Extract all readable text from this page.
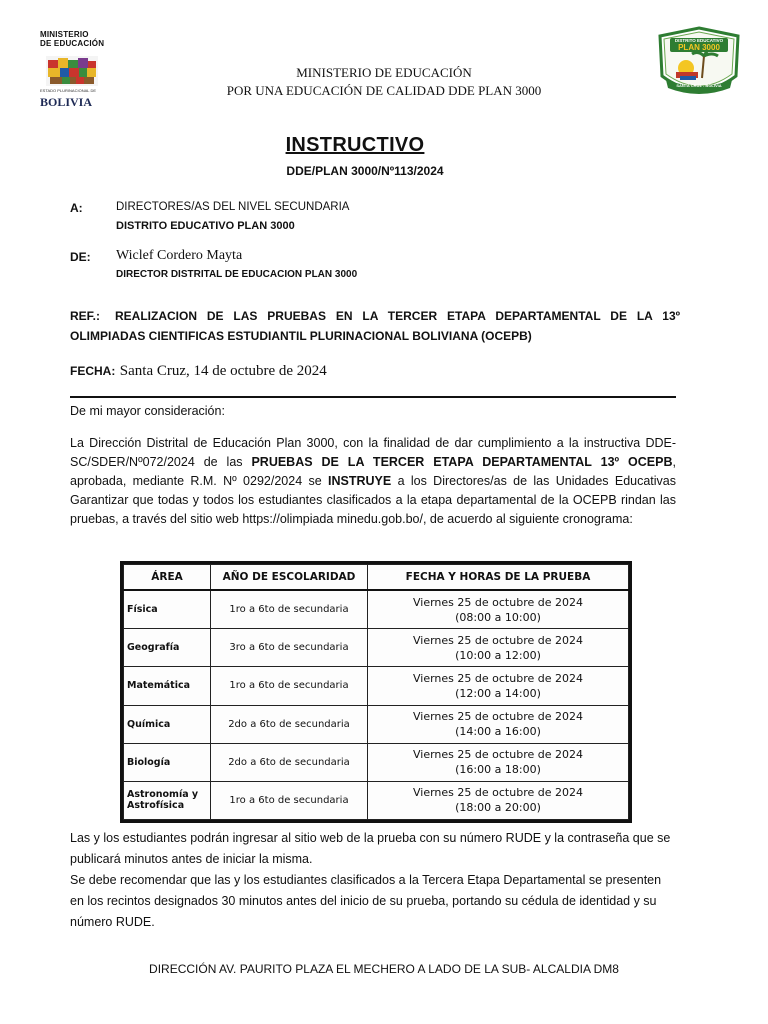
MINISTERIO
DE EDUCACIÓN
ESTADO PLURINACIONAL DE
BOLIVIA
DISTRITO EDUCATIVO
PLAN 3000
SANTA CRUZ - BOLIVIA
MINISTERIO DE EDUCACIÓN
POR UNA EDUCACIÓN DE CALIDAD DDE PLAN 3000
INSTRUCTIVO
DDE/PLAN 3000/Nº113/2024
A:	DIRECTORES/AS DEL NIVEL SECUNDARIA
DISTRITO EDUCATIVO PLAN 3000
DE: Wiclef Cordero Mayta
DIRECTOR DISTRITAL DE EDUCACION PLAN 3000
REF.: REALIZACION DE LAS PRUEBAS EN LA TERCER ETAPA DEPARTAMENTAL DE LA 13º OLIMPIADAS CIENTIFICAS ESTUDIANTIL PLURINACIONAL BOLIVIANA (OCEPB)
FECHA: Santa Cruz, 14 de octubre de 2024
De mi mayor consideración:
La Dirección Distrital de Educación Plan 3000, con la finalidad de dar cumplimiento a la instructiva DDE-SC/SDER/Nº072/2024 de las PRUEBAS DE LA TERCER ETAPA DEPARTAMENTAL 13º OCEPB, aprobada, mediante R.M. Nº 0292/2024 se INSTRUYE a los Directores/as de las Unidades Educativas Garantizar que todas y todos los estudiantes clasificados a la etapa departamental de la OCEPB rindan las pruebas, a través del sitio web https://olimpiada minedu.gob.bo/, de acuerdo al siguiente cronograma:
ÁREA	AÑO DE ESCOLARIDAD	FECHA Y HORAS DE LA PRUEBA
Física	1ro a 6to de secundaria	Viernes 25 de octubre de 2024
(08:00 a 10:00)

Geografía	3ro a 6to de secundaria	Viernes 25 de octubre de 2024
(10:00 a 12:00)

Matemática	1ro a 6to de secundaria	Viernes 25 de octubre de 2024
(12:00 a 14:00)

Química	2do a 6to de secundaria	Viernes 25 de octubre de 2024
(14:00 a 16:00)

Biología	2do a 6to de secundaria	Viernes 25 de octubre de 2024
(16:00 a 18:00)

Astronomía y Astrofísica	1ro a 6to de secundaria	Viernes 25 de octubre de 2024
(18:00 a 20:00)
Las y los estudiantes podrán ingresar al sitio web de la prueba con su número RUDE y la contraseña que se publicará minutos antes de iniciar la misma.
Se debe recomendar que las y los estudiantes clasificados a la Tercera Etapa Departamental se presenten en los recintos designados 30 minutos antes del inicio de su prueba, portando su cédula de identidad y su número RUDE.
DIRECCIÓN AV. PAURITO PLAZA EL MECHERO A LADO DE LA SUB- ALCALDIA DM8
